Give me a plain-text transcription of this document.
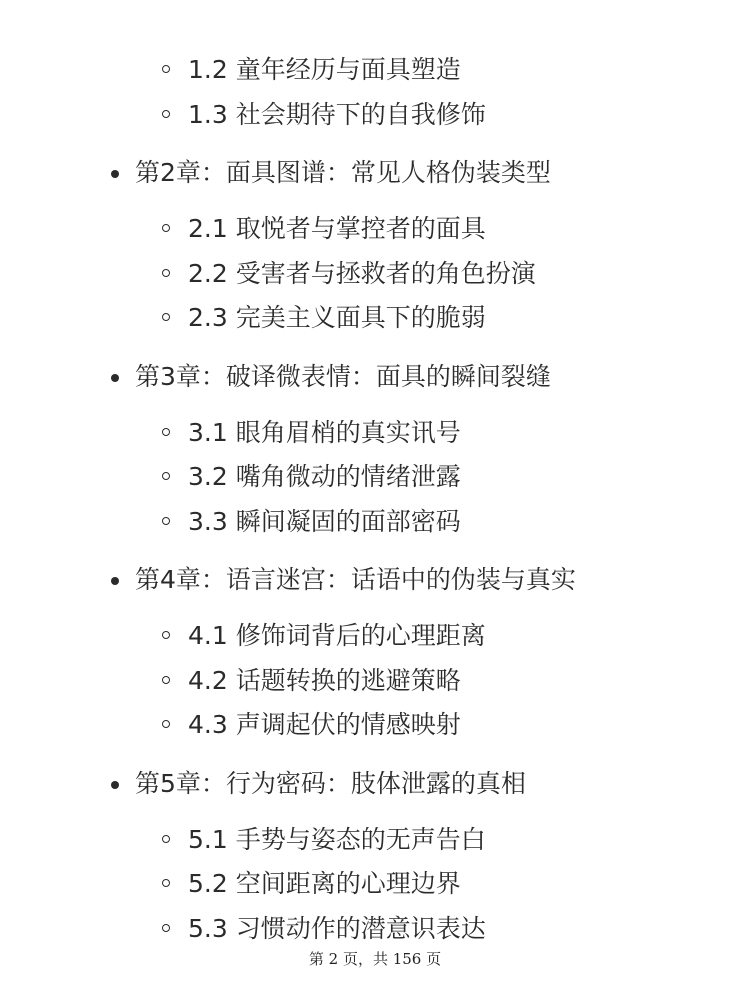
1.2 童年经历与面具塑造
1.3 社会期待下的自我修饰
第2章：面具图谱：常见人格伪装类型
2.1 取悦者与掌控者的面具
2.2 受害者与拯救者的角色扮演
2.3 完美主义面具下的脆弱
第3章：破译微表情：面具的瞬间裂缝
3.1 眼角眉梢的真实讯号
3.2 嘴角微动的情绪泄露
3.3 瞬间凝固的面部密码
第4章：语言迷宫：话语中的伪装与真实
4.1 修饰词背后的心理距离
4.2 话题转换的逃避策略
4.3 声调起伏的情感映射
第5章：行为密码：肢体泄露的真相
5.1 手势与姿态的无声告白
5.2 空间距离的心理边界
5.3 习惯动作的潜意识表达
第 2 页，共 156 页
